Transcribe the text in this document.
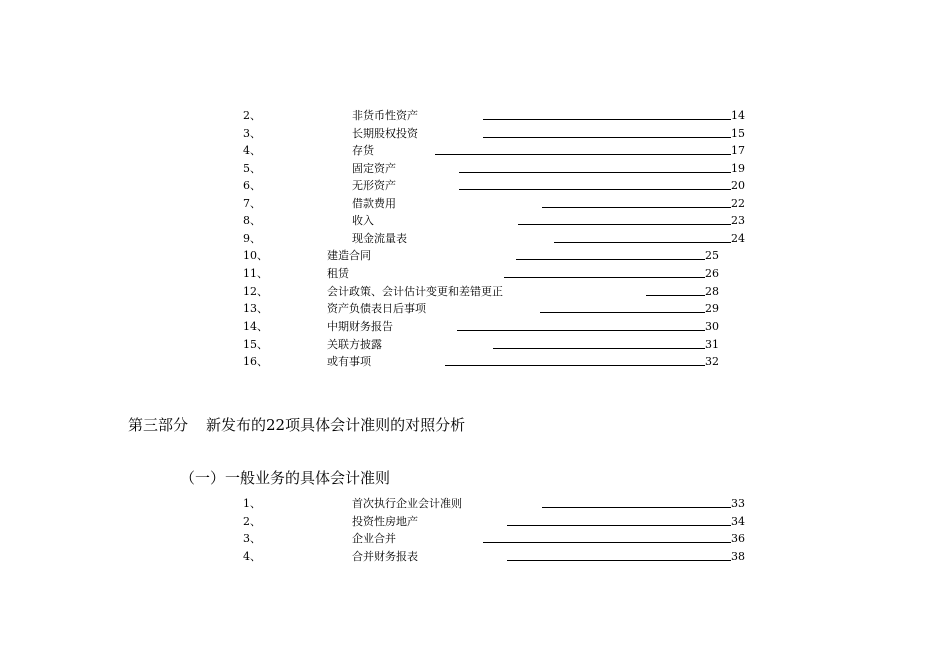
2、	非货币性资产	14
3、	长期股权投资	15
4、	存货	17
5、	固定资产	19
6、	无形资产	20
7、	借款费用	22
8、	收入	23
9、	现金流量表	24
10、	建造合同	25
11、	租赁	26
12、	会计政策、会计估计变更和差错更正	28
13、	资产负债表日后事项	29
14、	中期财务报告	30
15、	关联方披露	31
16、	或有事项	32
第三部分 新发布的22项具体会计准则的对照分析
（一）一般业务的具体会计准则
1、	首次执行企业会计准则	33
2、	投资性房地产	34
3、	企业合并	36
4、	合并财务报表	38
